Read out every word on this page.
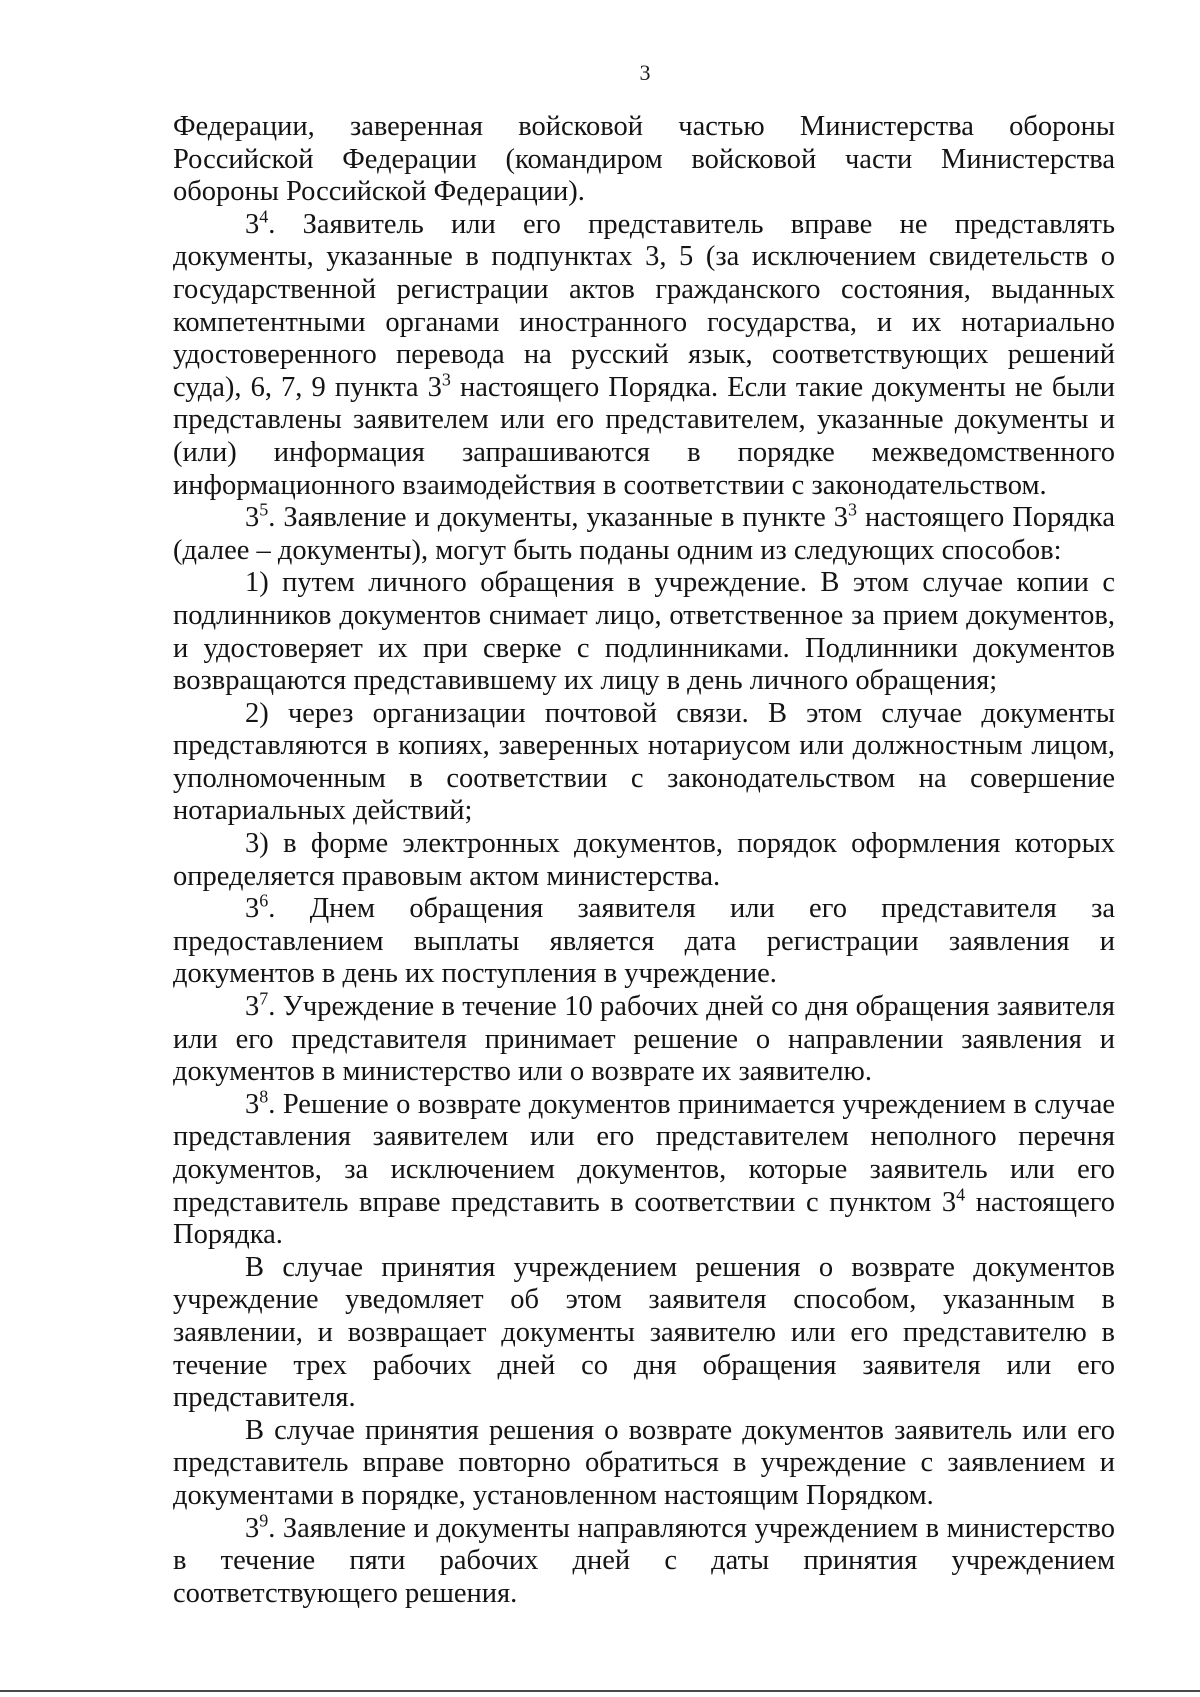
3

Федерации, заверенная войсковой частью Министерства обороны Российской Федерации (командиром войсковой части Министерства обороны Российской Федерации).

$3^4$. Заявитель или его представитель вправе не представлять документы, указанные в подпунктах 3, 5 (за исключением свидетельств о государственной регистрации актов гражданского состояния, выданных компетентными органами иностранного государства, и их нотариально удостоверенного перевода на русский язык, соответствующих решений суда), 6, 7, 9 пункта $3^3$ настоящего Порядка. Если такие документы не были представлены заявителем или его представителем, указанные документы и (или) информация запрашиваются в порядке межведомственного информационного взаимодействия в соответствии с законодательством.

$3^5$. Заявление и документы, указанные в пункте $3^3$ настоящего Порядка (далее – документы), могут быть поданы одним из следующих способов:

1) путем личного обращения в учреждение. В этом случае копии с подлинников документов снимает лицо, ответственное за прием документов, и удостоверяет их при сверке с подлинниками. Подлинники документов возвращаются представившему их лицу в день личного обращения;

2) через организации почтовой связи. В этом случае документы представляются в копиях, заверенных нотариусом или должностным лицом, уполномоченным в соответствии с законодательством на совершение нотариальных действий;

3) в форме электронных документов, порядок оформления которых определяется правовым актом министерства.

$3^6$. Днем обращения заявителя или его представителя за предоставлением выплаты является дата регистрации заявления и документов в день их поступления в учреждение.

$3^7$. Учреждение в течение 10 рабочих дней со дня обращения заявителя или его представителя принимает решение о направлении заявления и документов в министерство или о возврате их заявителю.

$3^8$. Решение о возврате документов принимается учреждением в случае представления заявителем или его представителем неполного перечня документов, за исключением документов, которые заявитель или его представитель вправе представить в соответствии с пунктом $3^4$ настоящего Порядка.

В случае принятия учреждением решения о возврате документов учреждение уведомляет об этом заявителя способом, указанным в заявлении, и возвращает документы заявителю или его представителю в течение трех рабочих дней со дня обращения заявителя или его представителя.

В случае принятия решения о возврате документов заявитель или его представитель вправе повторно обратиться в учреждение с заявлением и документами в порядке, установленном настоящим Порядком.

$3^9$. Заявление и документы направляются учреждением в министерство в течение пяти рабочих дней с даты принятия учреждением соответствующего решения.
